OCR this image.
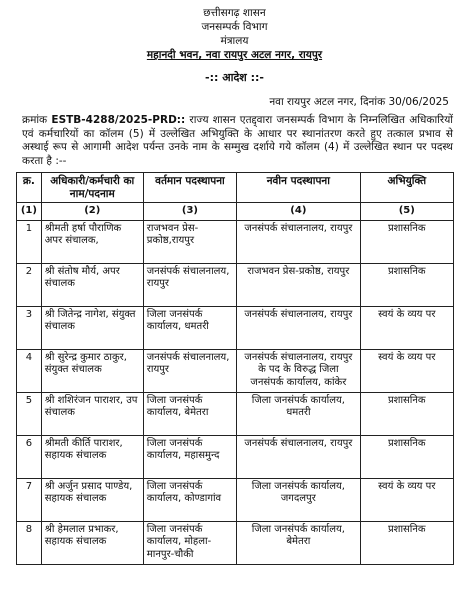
छत्तीसगढ़ शासन
जनसम्पर्क विभाग
मंत्रालय
महानदी भवन, नवा रायपुर अटल नगर, रायपुर
-:: आदेश ::-
नवा रायपुर अटल नगर, दिनांक 30/06/2025
क्रमांक ESTB-4288/2025-PRD:: राज्य शासन एतद्द्वारा जनसम्पर्क विभाग के निम्नलिखित अधिकारियों एवं कर्मचारियों का कॉलम (5) में उल्लेखित अभियुक्ति के आधार पर स्थानांतरण करते हुए तत्काल प्रभाव से अस्थाई रूप से आगामी आदेश पर्यन्त उनके नाम के सम्मुख दर्शाये गये कॉलम (4) में उल्लेखित स्थान पर पदस्थ करता है :--
क्र.	अधिकारी/कर्मचारी का नाम/पदनाम	वर्तमान पदस्थापना	नवीन पदस्थापना	अभियुक्ति
(1)	(2)	(3)	(4)	(5)
1	श्रीमती हर्षा पौराणिक अपर संचालक,	राजभवन प्रेस-प्रकोष्ठ,रायपुर	जनसंपर्क संचालनालय, रायपुर	प्रशासनिक
2	श्री संतोष मौर्य, अपर संचालक	जनसंपर्क संचालनालय, रायपुर	राजभवन प्रेस-प्रकोष्ठ, रायपुर	प्रशासनिक
3	श्री जितेन्द्र नागेश, संयुक्त संचालक	जिला जनसंपर्क कार्यालय, धमतरी	जनसंपर्क संचालनालय, रायपुर	स्वयं के व्यय पर
4	श्री सुरेन्द्र कुमार ठाकुर, संयुक्त संचालक	जनसंपर्क संचालनालय, रायपुर	जनसंपर्क संचालनालय, रायपुर के पद के विरुद्ध जिला जनसंपर्क कार्यालय, कांकेर	स्वयं के व्यय पर
5	श्री शशिरंजन पाराशर, उप संचालक	जिला जनसंपर्क कार्यालय, बेमेतरा	जिला जनसंपर्क कार्यालय, धमतरी	प्रशासनिक
6	श्रीमती कीर्ति पाराशर, सहायक संचालक	जिला जनसंपर्क कार्यालय, महासमुन्द	जनसंपर्क संचालनालय, रायपुर	प्रशासनिक
7	श्री अर्जुन प्रसाद पाण्डेय, सहायक संचालक	जिला जनसंपर्क कार्यालय, कोण्डागांव	जिला जनसंपर्क कार्यालय, जगदलपुर	स्वयं के व्यय पर
8	श्री हेमलाल प्रभाकर, सहायक संचालक	जिला जनसंपर्क कार्यालय, मोहला-मानपुर-चौकी	जिला जनसंपर्क कार्यालय, बेमेतरा	प्रशासनिक
